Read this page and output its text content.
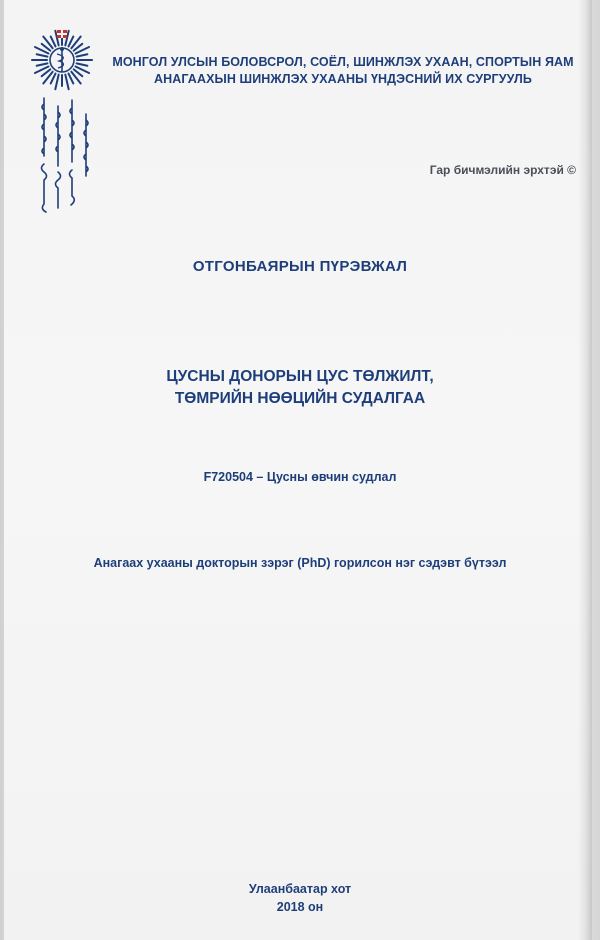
МОНГОЛ УЛСЫН БОЛОВСРОЛ, СОЁЛ, ШИНЖЛЭХ УХААН, СПОРТЫН ЯАМ
АНАГААХЫН ШИНЖЛЭХ УХААНЫ ҮНДЭСНИЙ ИХ СУРГУУЛЬ
Гар бичмэлийн эрхтэй ©
ОТГОНБАЯРЫН ПҮРЭВЖАЛ
ЦУСНЫ ДОНОРЫН ЦУС ТӨЛЖИЛТ,
ТӨМРИЙН НӨӨЦИЙН СУДАЛГАА
F720504 – Цусны өвчин судлал
Анагаах ухааны докторын зэрэг (PhD) горилсон нэг сэдэвт бүтээл
Улаанбаатар хот
2018 он
